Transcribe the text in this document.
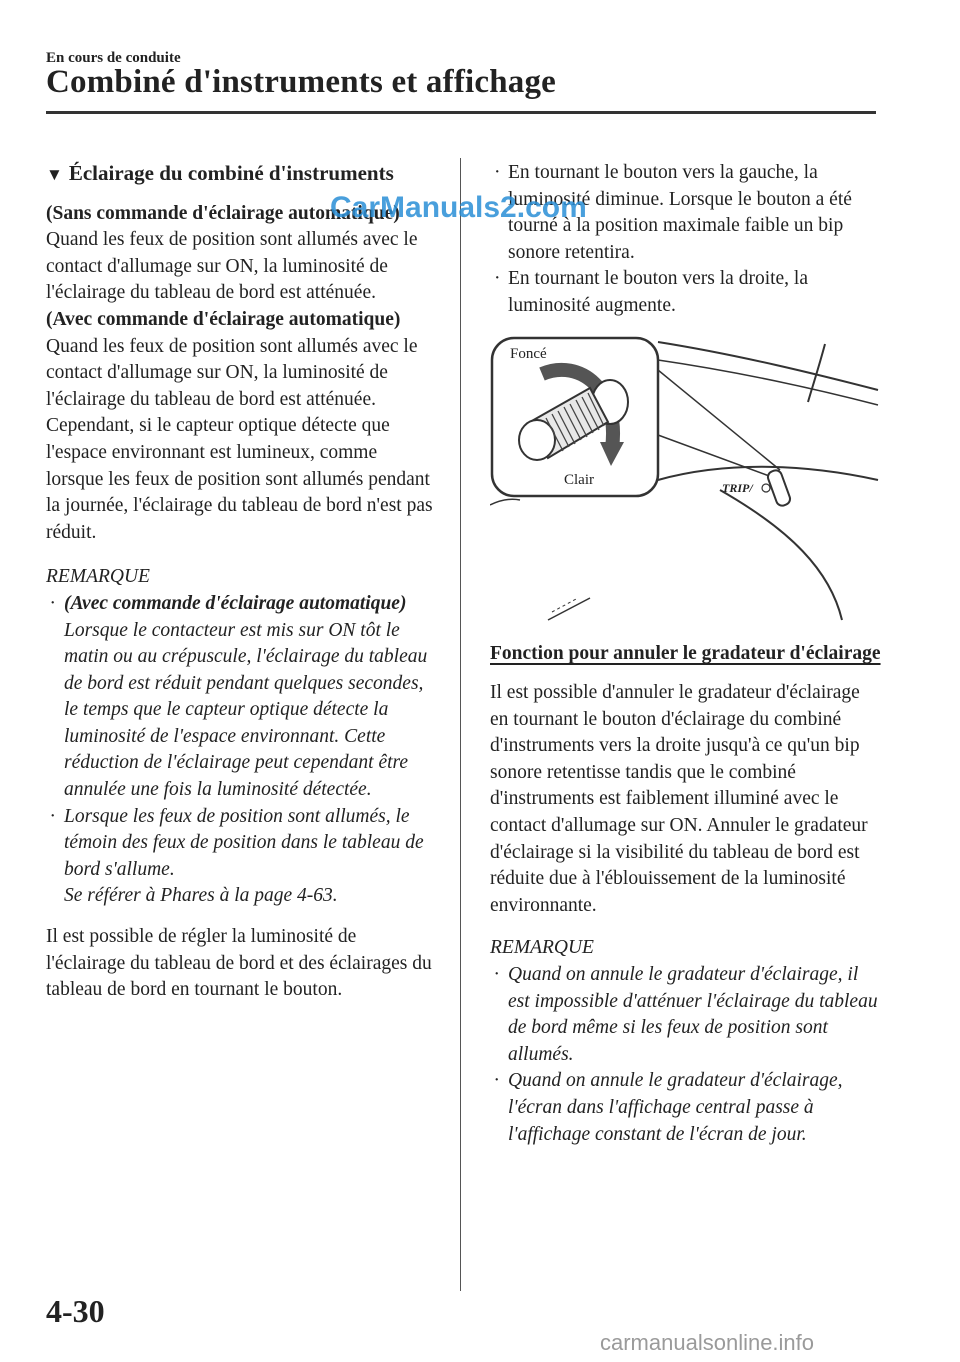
En cours de conduite
Combiné d'instruments et affichage

▼ Éclairage du combiné d'instruments

(Sans commande d'éclairage automatique)

Quand les feux de position sont allumés avec le contact d'allumage sur ON, la luminosité de l'éclairage du tableau de bord est atténuée.

(Avec commande d'éclairage automatique)

Quand les feux de position sont allumés avec le contact d'allumage sur ON, la luminosité de l'éclairage du tableau de bord est atténuée. Cependant, si le capteur optique détecte que l'espace environnant est lumineux, comme lorsque les feux de position sont allumés pendant la journée, l'éclairage du tableau de bord n'est pas réduit.

REMARQUE

· (Avec commande d'éclairage automatique)

Lorsque le contacteur est mis sur ON tôt le matin ou au crépuscule, l'éclairage du tableau de bord est réduit pendant quelques secondes, le temps que le capteur optique détecte la luminosité de l'espace environnant. Cette réduction de l'éclairage peut cependant être annulée une fois la luminosité détectée.

· Lorsque les feux de position sont allumés, le témoin des feux de position dans le tableau de bord s'allume.

Se référer à Phares à la page 4-63.

Il est possible de régler la luminosité de l'éclairage du tableau de bord et des éclairages du tableau de bord en tournant le bouton.

· En tournant le bouton vers la gauche, la luminosité diminue. Lorsque le bouton a été tourné à la position maximale faible un bip sonore retentira.

· En tournant le bouton vers la droite, la luminosité augmente.

TRIP/
Foncé
Clair

Fonction pour annuler le gradateur d'éclairage

Il est possible d'annuler le gradateur d'éclairage en tournant le bouton d'éclairage du combiné d'instruments vers la droite jusqu'à ce qu'un bip sonore retentisse tandis que le combiné d'instruments est faiblement illuminé avec le contact d'allumage sur ON. Annuler le gradateur d'éclairage si la visibilité du tableau de bord est réduite due à l'éblouissement de la luminosité environnante.

REMARQUE

· Quand on annule le gradateur d'éclairage, il est impossible d'atténuer l'éclairage du tableau de bord même si les feux de position sont allumés.

· Quand on annule le gradateur d'éclairage, l'écran dans l'affichage central passe à l'affichage constant de l'écran de jour.

4-30
CarManuals2.com
carmanualsonline.info
